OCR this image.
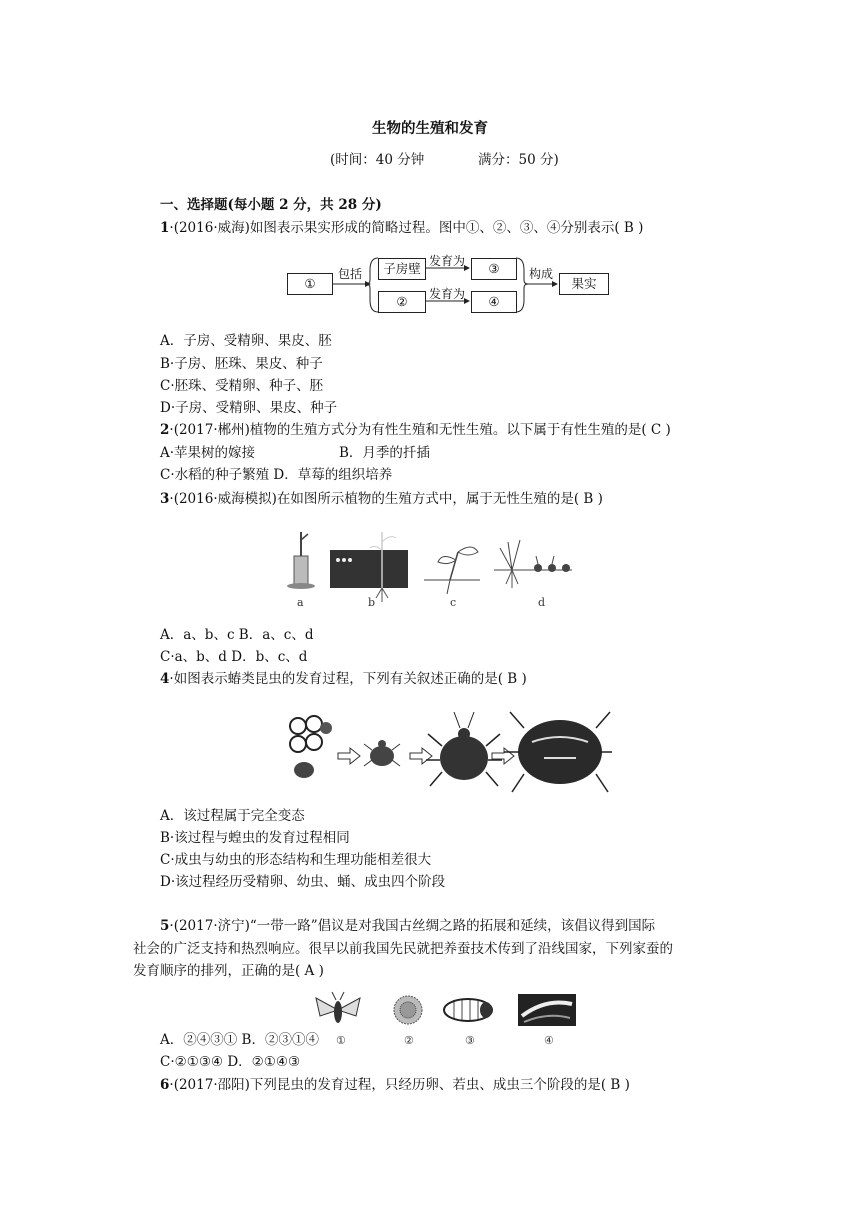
生物的生殖和发育
(时间：40 分钟	满分：50 分)
一、选择题(每小题 2 分，共 28 分)
1·(2016·威海)如图表示果实形成的简略过程。图中①、②、③、④分别表示( B )
①
包括	子房壁 发育为	③
②	发育为	④
构成
果实
A．子房、受精卵、果皮、胚
B·子房、胚珠、果皮、种子
C·胚珠、受精卵、种子、胚
D·子房、受精卵、果皮、种子
2·(2017·郴州)植物的生殖方式分为有性生殖和无性生殖。以下属于有性生殖的是( C )
A·苹果树的嫁接	B．月季的扦插
C·水稻的种子繁殖 D．草莓的组织培养
3·(2016·威海模拟)在如图所示植物的生殖方式中，属于无性生殖的是( B )
a	b	c	d
A．a、b、c B．a、c、d
C·a、b、d D．b、c、d
4·如图表示蝽类昆虫的发育过程，下列有关叙述正确的是( B )
A．该过程属于完全变态
B·该过程与蝗虫的发育过程相同
C·成虫与幼虫的形态结构和生理功能相差很大
D·该过程经历受精卵、幼虫、蛹、成虫四个阶段
5·(2017·济宁)“一带一路”倡议是对我国古丝绸之路的拓展和延续，该倡议得到国际
社会的广泛支持和热烈响应。很早以前我国先民就把养蚕技术传到了沿线国家，下列家蚕的
发育顺序的排列，正确的是( A )
①	②	③	④
A．②④③① B．②③①④
C·②①③④ D．②①④③
6·(2017·邵阳)下列昆虫的发育过程，只经历卵、若虫、成虫三个阶段的是( B )
